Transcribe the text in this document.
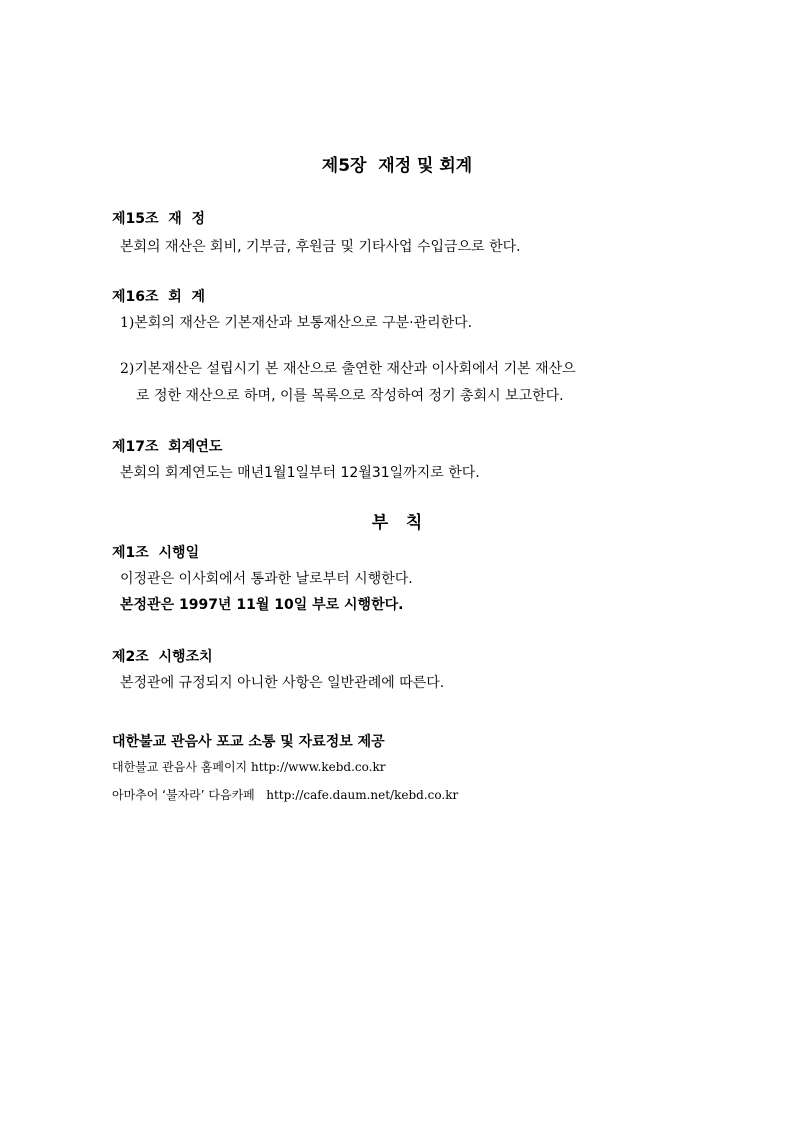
제5장  재정 및 회계
제15조  재  정
본회의 재산은 회비, 기부금, 후원금 및 기타사업 수입금으로 한다.
제16조  회  계
1)본회의 재산은 기본재산과 보통재산으로 구분·관리한다.
2)기본재산은 설립시기 본 재산으로 출연한 재산과 이사회에서 기본 재산으
로 정한 재산으로 하며, 이를 목록으로 작성하여 정기 총회시 보고한다.
제17조  회계연도
본회의 회계연도는 매년1월1일부터 12월31일까지로 한다.
부   칙
제1조  시행일
이정관은 이사회에서 통과한 날로부터 시행한다.
본정관은 1997년 11월 10일 부로 시행한다.
제2조  시행조치
본정관에 규정되지 아니한 사항은 일반관례에 따른다.
대한불교 관음사 포교 소통 및 자료정보 제공
대한불교 관음사 홈페이지 http://www.kebd.co.kr
아마추어 ‘불자라’ 다음카페 http://cafe.daum.net/kebd.co.kr
